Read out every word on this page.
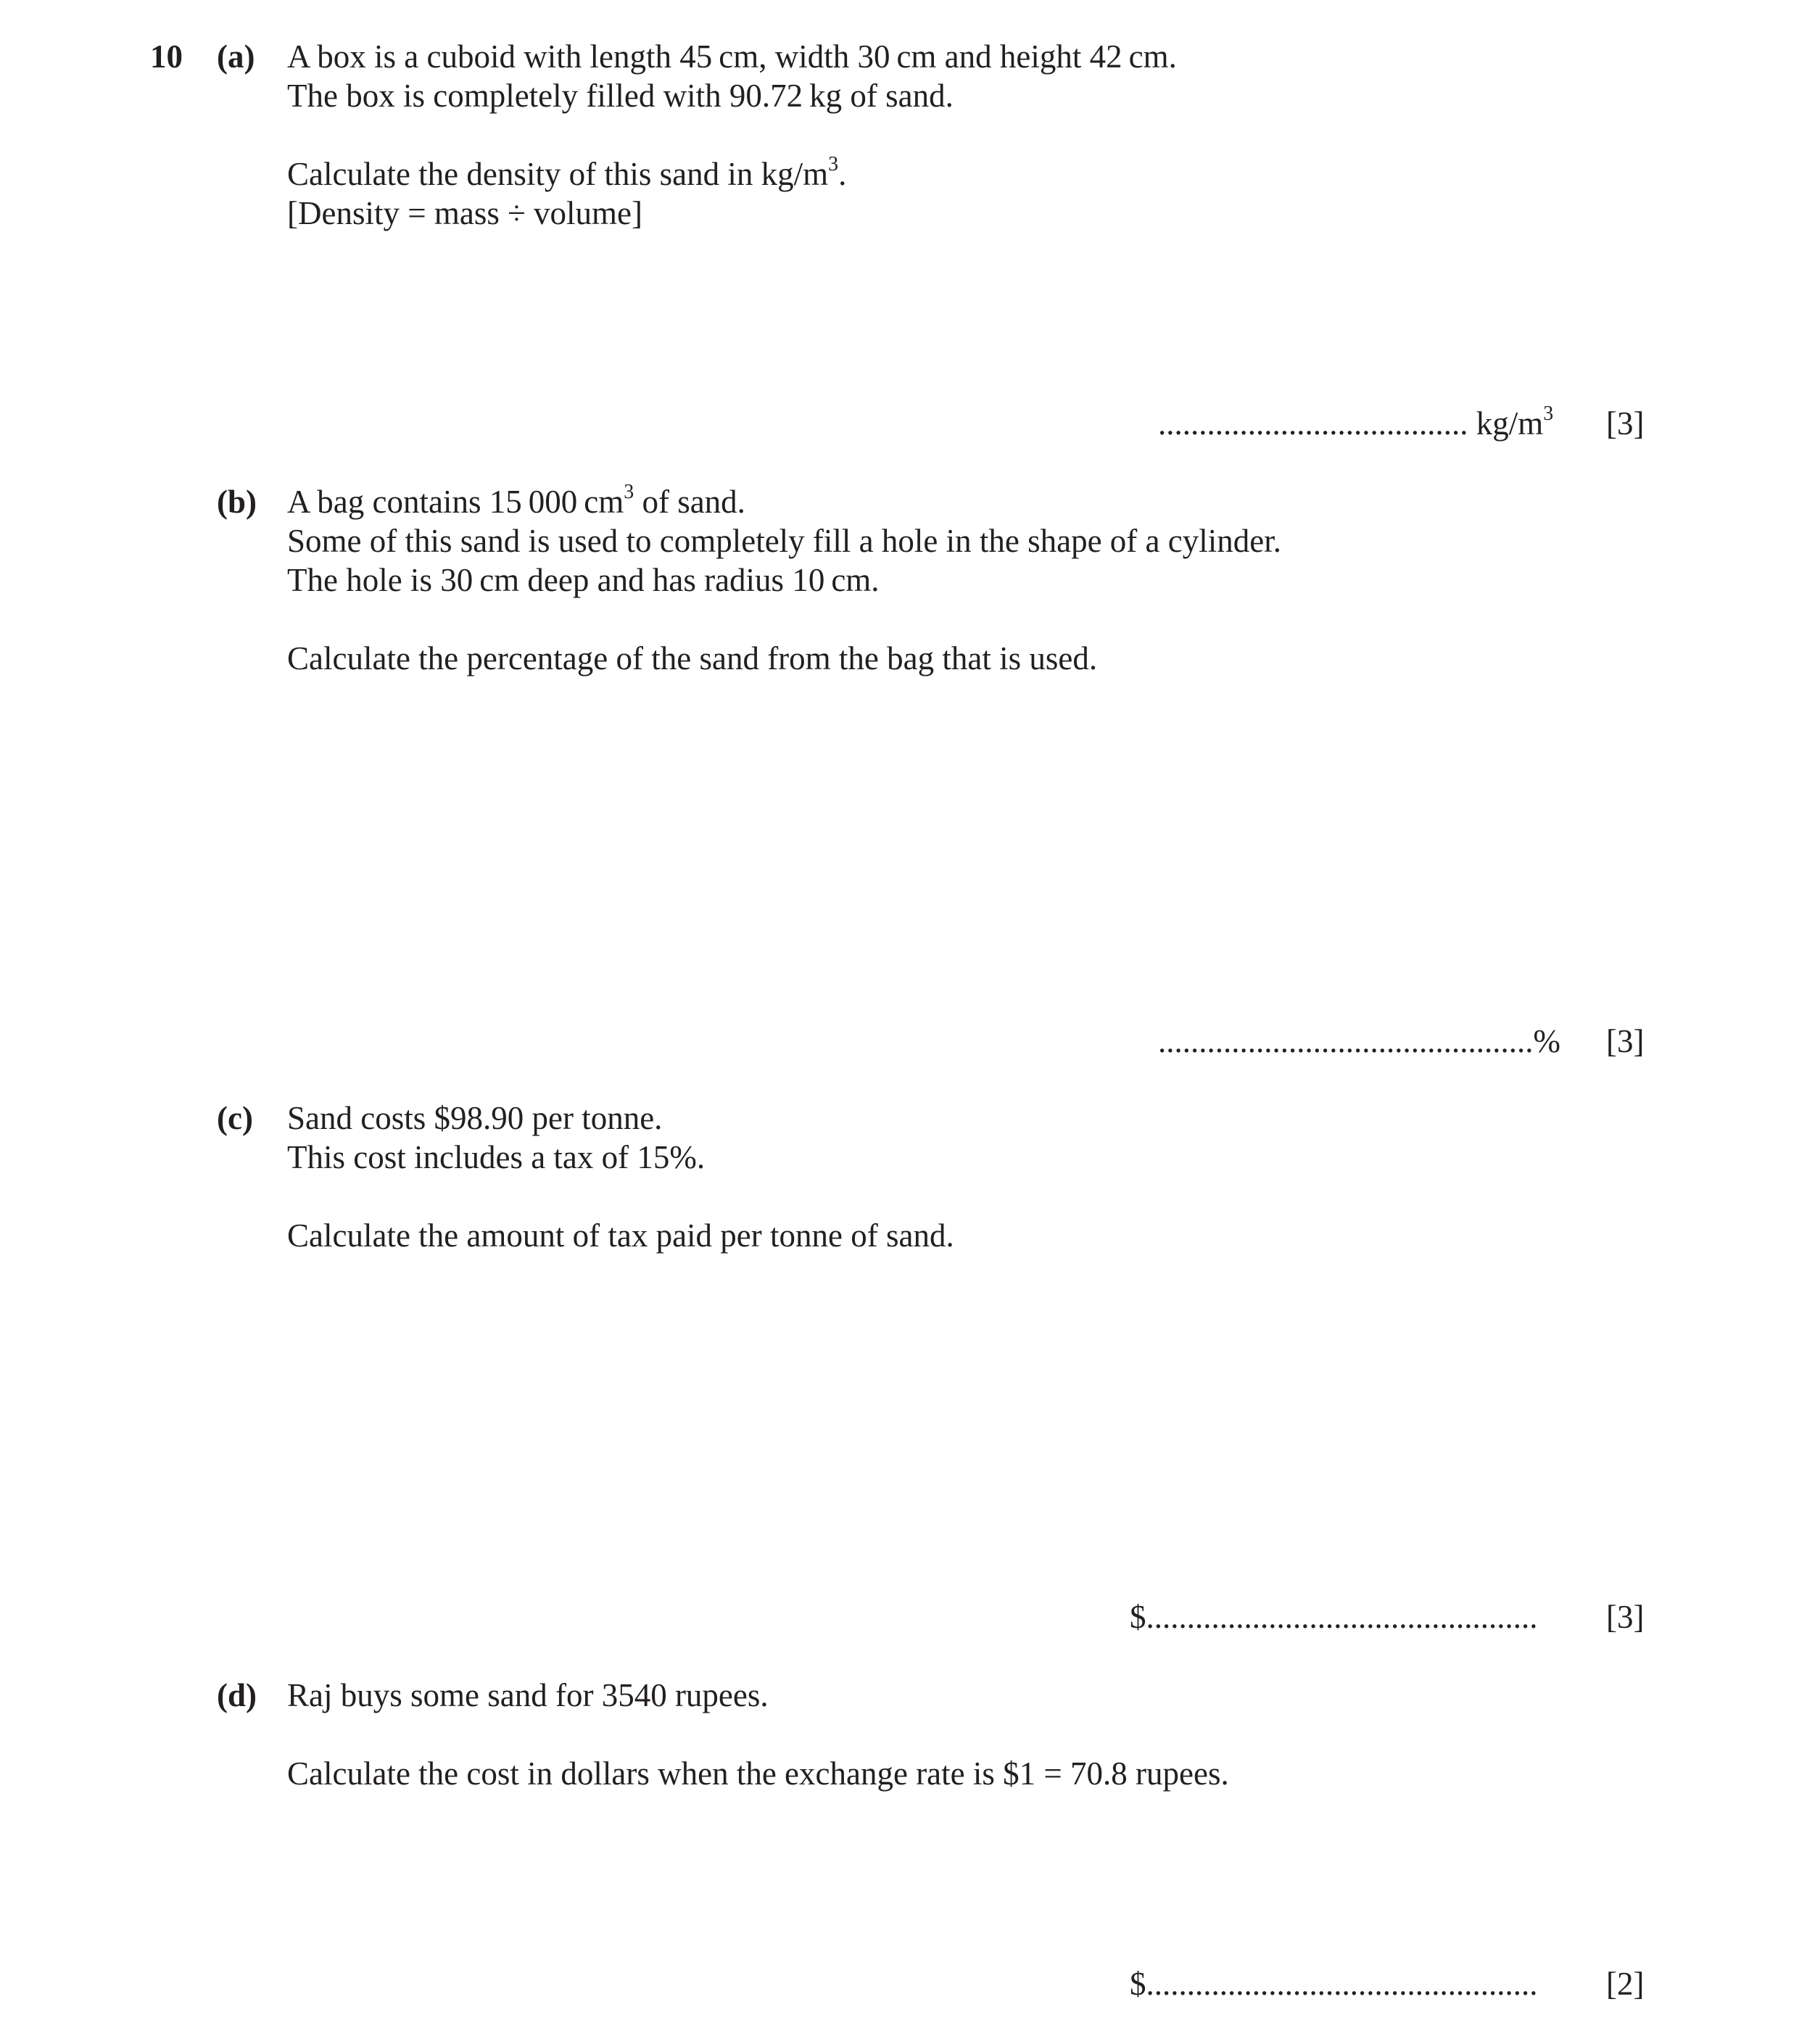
10 (a) A box is a cuboid with length 45 cm, width 30 cm and height 42 cm.
The box is completely filled with 90.72 kg of sand.
Calculate the density of this sand in $kg/m^3$.
[Density = mass ÷ volume]
...................................... $kg/m^3$ [3]
(b) A bag contains 15 000 $cm^3$ of sand.
Some of this sand is used to completely fill a hole in the shape of a cylinder.
The hole is 30 cm deep and has radius 10 cm.
Calculate the percentage of the sand from the bag that is used.
..............................................% [3]
(c) Sand costs $98.90 per tonne.
This cost includes a tax of 15%.
Calculate the amount of tax paid per tonne of sand.
$................................................ [3]
(d) Raj buys some sand for 3540 rupees.
Calculate the cost in dollars when the exchange rate is $1 = 70.8 rupees.
$................................................ [2]
